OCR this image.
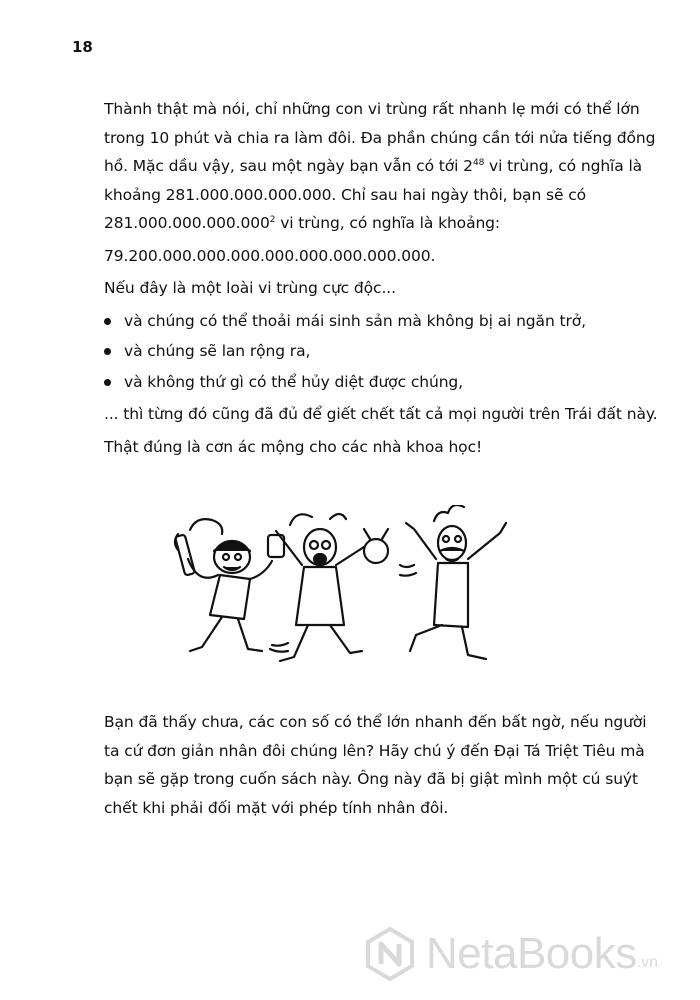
18

Thành thật mà nói, chỉ những con vi trùng rất nhanh lẹ mới có thể lớn trong 10 phút và chia ra làm đôi. Đa phần chúng cần tới nửa tiếng đồng hồ. Mặc dầu vậy, sau một ngày bạn vẫn có tới $2^{48}$ vi trùng, có nghĩa là khoảng 281.000.000.000.000. Chỉ sau hai ngày thôi, bạn sẽ có 281.000.000.000.000$^2$ vi trùng, có nghĩa là khoảng:

79.200.000.000.000.000.000.000.000.000.

Nếu đây là một loài vi trùng cực độc...

và chúng có thể thoải mái sinh sản mà không bị ai ngăn trở,
và chúng sẽ lan rộng ra,
và không thứ gì có thể hủy diệt được chúng,

... thì từng đó cũng đã đủ để giết chết tất cả mọi người trên Trái đất này.

Thật đúng là cơn ác mộng cho các nhà khoa học!

Bạn đã thấy chưa, các con số có thể lớn nhanh đến bất ngờ, nếu người ta cứ đơn giản nhân đôi chúng lên? Hãy chú ý đến Đại Tá Triệt Tiêu mà bạn sẽ gặp trong cuốn sách này. Ông này đã bị giật mình một cú suýt chết khi phải đối mặt với phép tính nhân đôi.

NetaBooks .vn
